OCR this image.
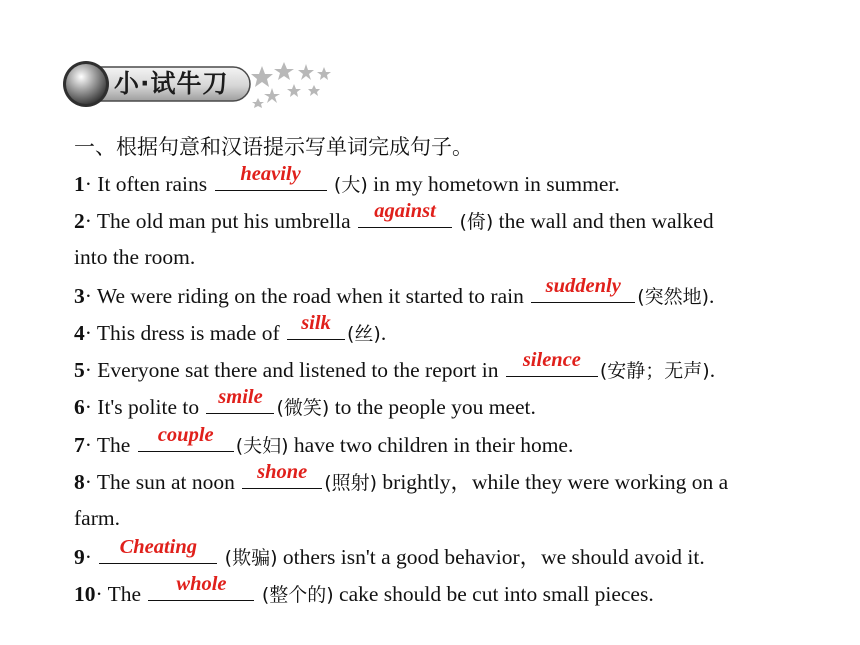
小·试牛刀
一、根据句意和汉语提示写单词完成句子。
1· It often rains	heavily	(大) in my hometown in summer.
2· The old man put his umbrella against	(倚) the wall and then walked
into the room.
3· We were riding on the road when it started to rain suddenly (突然地).
4· This dress is made of silk (丝).
5· Everyone sat there and listened to the report in silence (安静；无声).
6· It's polite to smile (微笑) to the people you meet.
7· The	couple	(夫妇) have two children in their home.
8· The sun at noon shone (照射) brightly，while they were working on a
farm.
9·	Cheating	(欺骗) others isn't a good behavior，we should avoid it.
10· The	whole	(整个的) cake should be cut into small pieces.
